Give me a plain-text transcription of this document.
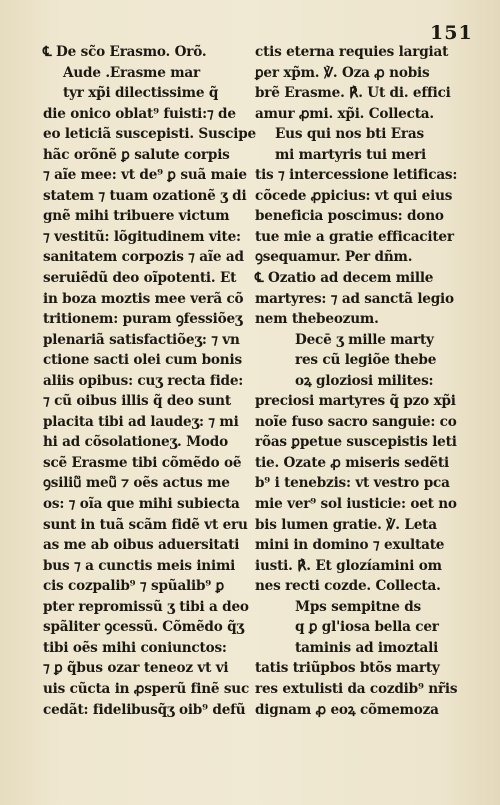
151
℄ De sc̃o Erasmo. Orõ.
Aude .Erasme mar
tyr xp̃i dilectissime q̃
die onico oblat⁹ fuisti:⁊ de
eo leticiã suscepisti. Suscipe
hãc orõnẽ ꝑ salute corpis
⁊ aĩe mee: vt de⁹ ꝑ suã maie
statem ⁊ tuam ozationẽ ʒ di
gnẽ mihi tribuere victum
⁊ vestitũ: lõgitudinem vite:
sanitatem corpozis ⁊ aĩe ad
seruiẽdũ deo oĩpotenti. Et
in boza moztis mee verã cõ
tritionem: puram ꝯfessiõeʒ
plenariã satisfactiõeʒ: ⁊ vn
ctione sacti olei cum bonis
aliis opibus: cuʒ recta fide:
⁊ cũ oibus illis q̃ deo sunt
placita tibi ad laudeʒ: ⁊ mi
hi ad cõsolationeʒ. Modo
scẽ Erasme tibi cõmẽdo oẽ
ꝯsiliu᷑ meu᷑ ⁊ oẽs actus me
os: ⁊ oĩa que mihi subiecta
sunt in tuã scãm fidẽ vt eru
as me ab oibus aduersitati
bus ⁊ a cunctis meis inimi
cis cozpalib⁹ ⁊ spũalib⁹ ꝑ
pter repromissũ ʒ tibi a deo
spãliter ꝯcessũ. Cõmẽdo q̃ʒ
tibi oẽs mihi coniunctos:
⁊ ꝑ q̃bus ozar teneoz vt vi
uis cũcta in ꝓsperũ finẽ suc
cedãt: fidelibusq̃ʒ oib⁹ defũ
ctis eterna requies largiat
ꝑer xp̃m. ℣. Oza ꝓ nobis
brẽ Erasme. ℟. Ut di. effici
amur ꝓmi. xp̃i. Collecta.
Eus qui nos bti Eras
mi martyris tui meri
tis ⁊ intercessione letificas:
cõcede ꝓpicius: vt qui eius
beneficia poscimus: dono
tue mie a gratie efficaciter
ꝯsequamur. Per dñm.
℄ Ozatio ad decem mille
martyres: ⁊ ad sanctã legio
nem thebeozum.
Decē ʒ mille marty
res cũ legiõe thebe
oꝝ gloziosi milites:
preciosi martyres q̃ pzo xp̃i
noĩe fuso sacro sanguie: co
rõas ꝑpetue suscepistis leti
tie. Ozate ꝓ miseris sedẽti
b⁹ i tenebzis: vt vestro pca
mie ver⁹ sol iusticie: oet no
bis lumen gratie. ℣. Leta
mini in domino ⁊ exultate
iusti. ℟. Et glozíamini om
nes recti cozde. Collecta.
Mps sempitne ds
q ꝑ gl'iosa bella cer
taminis ad imoztali
tatis triũpbos btõs marty
res extulisti da cozdib⁹ nr̃is
dignam ꝓ eoꝝ cõmemoza
